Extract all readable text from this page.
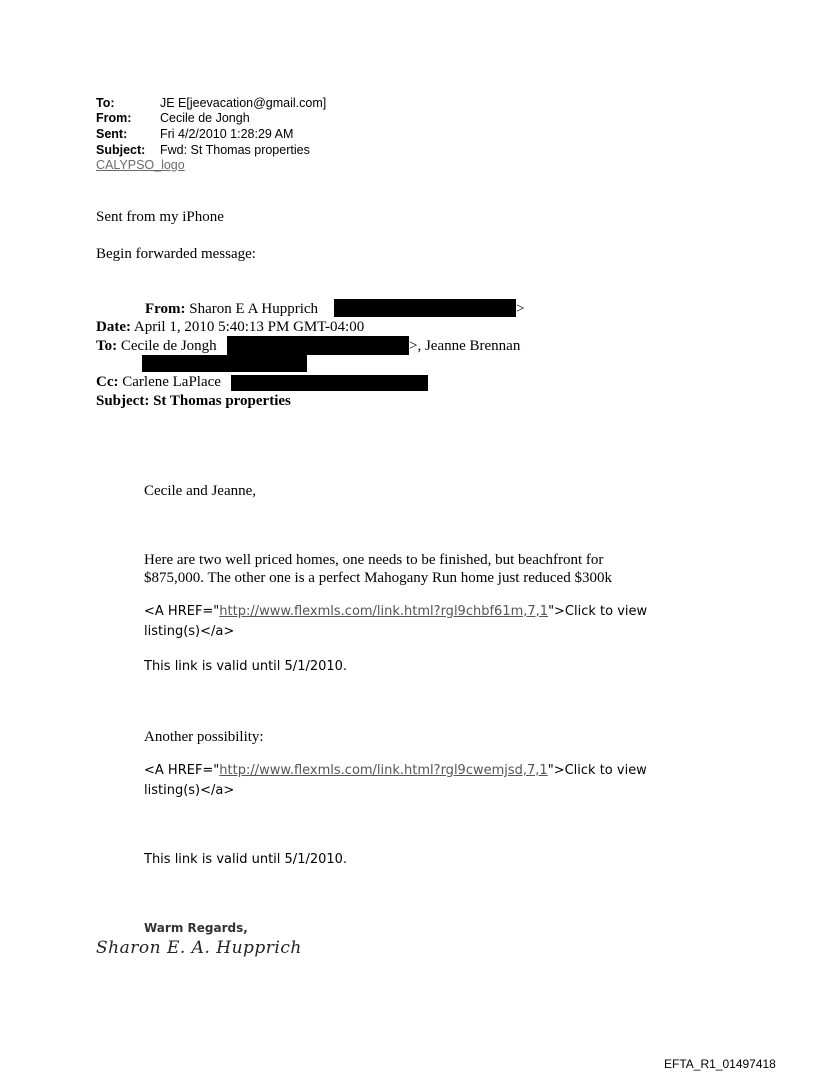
To:	JE E[jeevacation@gmail.com]
From: Cecile de Jongh
Sent:	Fri 4/2/2010 1:28:29 AM
Subject: Fwd: St Thomas properties
CALYPSO_logo
Sent from my iPhone
Begin forwarded message:
From: Sharon E A Hupprich	>
Date: April 1, 2010 5:40:13 PM GMT-04:00
To: Cecile de Jongh	>, Jeanne Brennan
Cc: Carlene LaPlace
Subject: St Thomas properties
Cecile and Jeanne,
Here are two well priced homes, one needs to be finished, but beachfront for
$875,000. The other one is a perfect Mahogany Run home just reduced $300k
<A HREF="http://www.flexmls.com/link.html?rgl9chbf61m,7,1">Click to view
listing(s)</a>
This link is valid until 5/1/2010.
Another possibility:
<A HREF="http://www.flexmls.com/link.html?rgl9cwemjsd,7,1">Click to view
listing(s)</a>
This link is valid until 5/1/2010.
Warm Regards,
Sharon E. A. Hupprich
EFTA_R1_01497418
